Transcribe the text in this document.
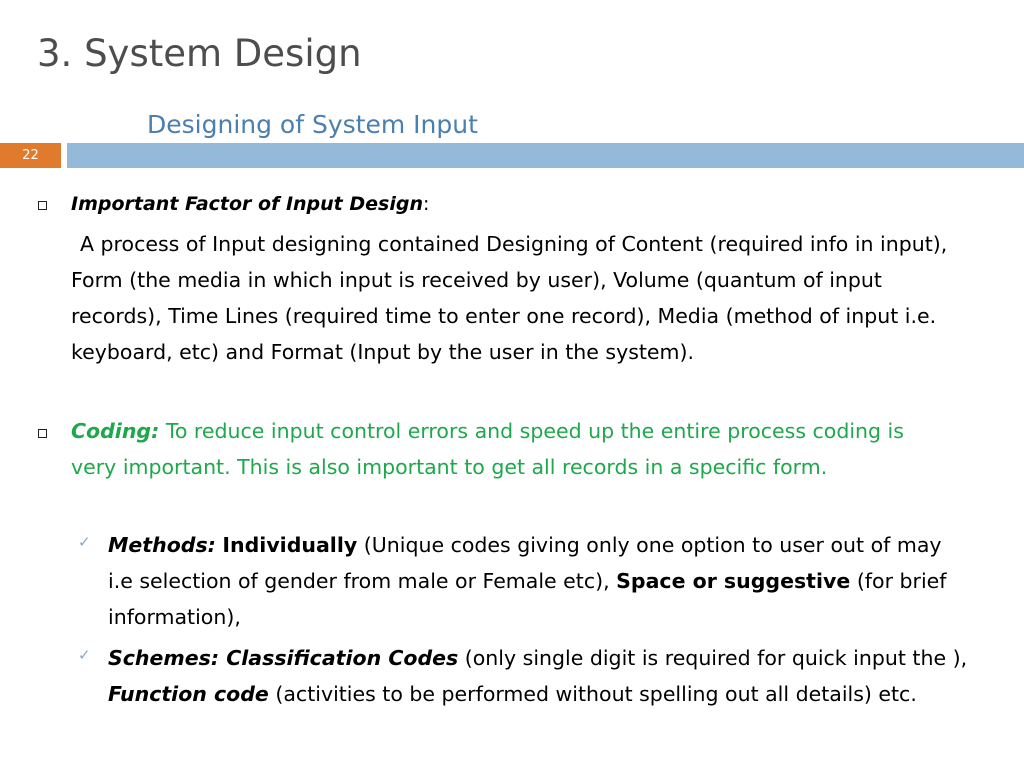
3. System Design
Designing of System Input
22
Important Factor of Input Design:
A process of Input designing contained Designing of Content (required info in input), Form (the media in which input is received by user), Volume (quantum of input records), Time Lines (required time to enter one record), Media (method of input i.e. keyboard, etc) and Format (Input by the user in the system).
Coding: To reduce input control errors and speed up the entire process coding is very important. This is also important to get all records in a specific form.
✓ Methods: Individually (Unique codes giving only one option to user out of may i.e selection of gender from male or Female etc), Space or suggestive (for brief information),
✓ Schemes: Classification Codes (only single digit is required for quick input the ), Function code (activities to be performed without spelling out all details) etc.
